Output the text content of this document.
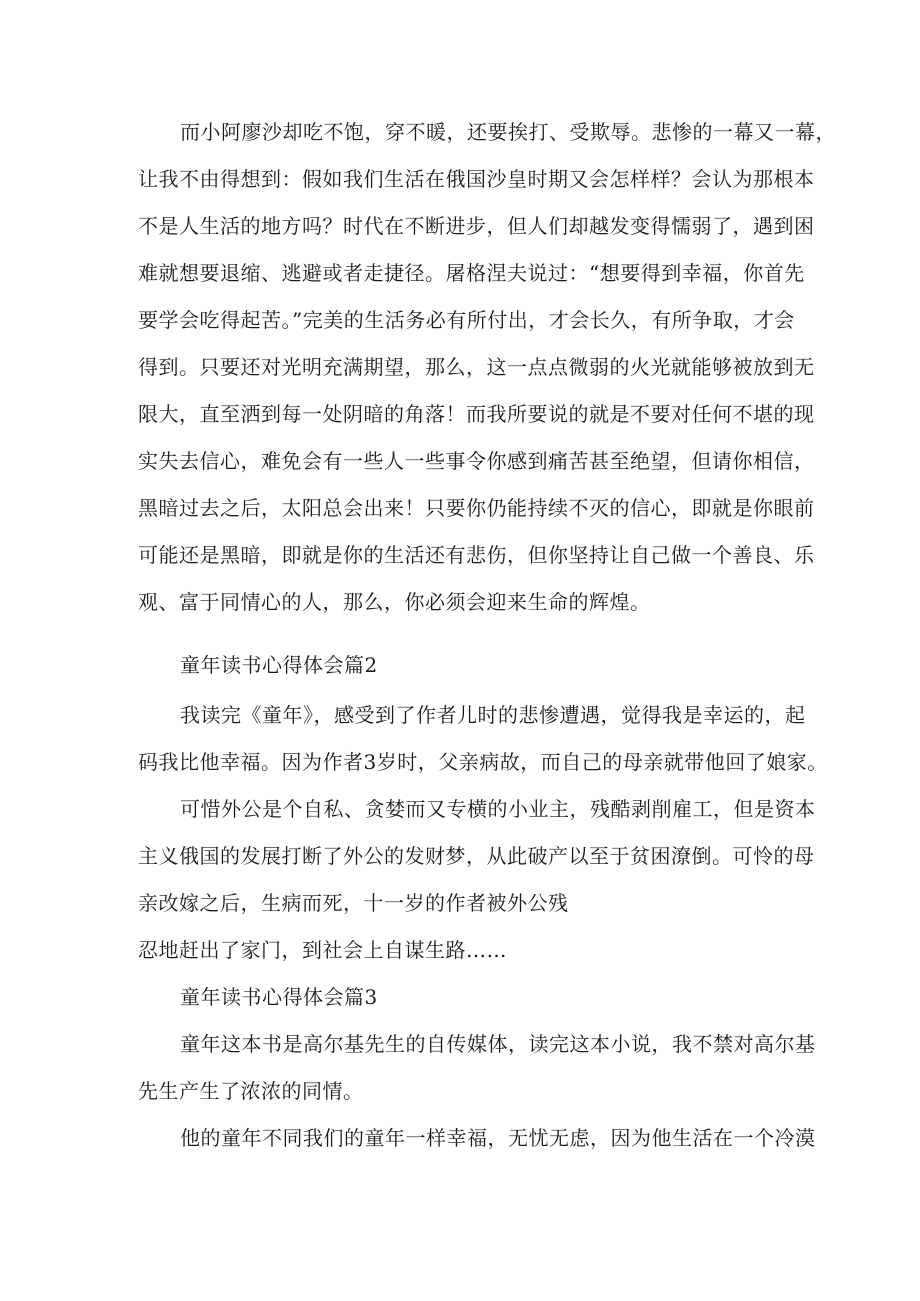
而小阿廖沙却吃不饱，穿不暖，还要挨打、受欺辱。悲惨的一幕又一幕，
让我不由得想到：假如我们生活在俄国沙皇时期又会怎样样？会认为那根本
不是人生活的地方吗？时代在不断进步，但人们却越发变得懦弱了，遇到困
难就想要退缩、逃避或者走捷径。屠格涅夫说过：“想要得到幸福，你首先
要学会吃得起苦。”完美的生活务必有所付出，才会长久，有所争取，才会
得到。只要还对光明充满期望，那么，这一点点微弱的火光就能够被放到无
限大，直至洒到每一处阴暗的角落！而我所要说的就是不要对任何不堪的现
实失去信心，难免会有一些人一些事令你感到痛苦甚至绝望，但请你相信，
黑暗过去之后，太阳总会出来！只要你仍能持续不灭的信心，即就是你眼前
可能还是黑暗，即就是你的生活还有悲伤，但你坚持让自己做一个善良、乐
观、富于同情心的人，那么，你必须会迎来生命的辉煌。
童年读书心得体会篇2
我读完《童年》，感受到了作者儿时的悲惨遭遇，觉得我是幸运的，起
码我比他幸福。因为作者3岁时，父亲病故，而自己的母亲就带他回了娘家。
可惜外公是个自私、贪婪而又专横的小业主，残酷剥削雇工，但是资本
主义俄国的发展打断了外公的发财梦，从此破产以至于贫困潦倒。可怜的母
亲改嫁之后，生病而死，十一岁的作者被外公残
忍地赶出了家门，到社会上自谋生路……
童年读书心得体会篇3
童年这本书是高尔基先生的自传媒体，读完这本小说，我不禁对高尔基
先生产生了浓浓的同情。
他的童年不同我们的童年一样幸福，无忧无虑，因为他生活在一个冷漠
